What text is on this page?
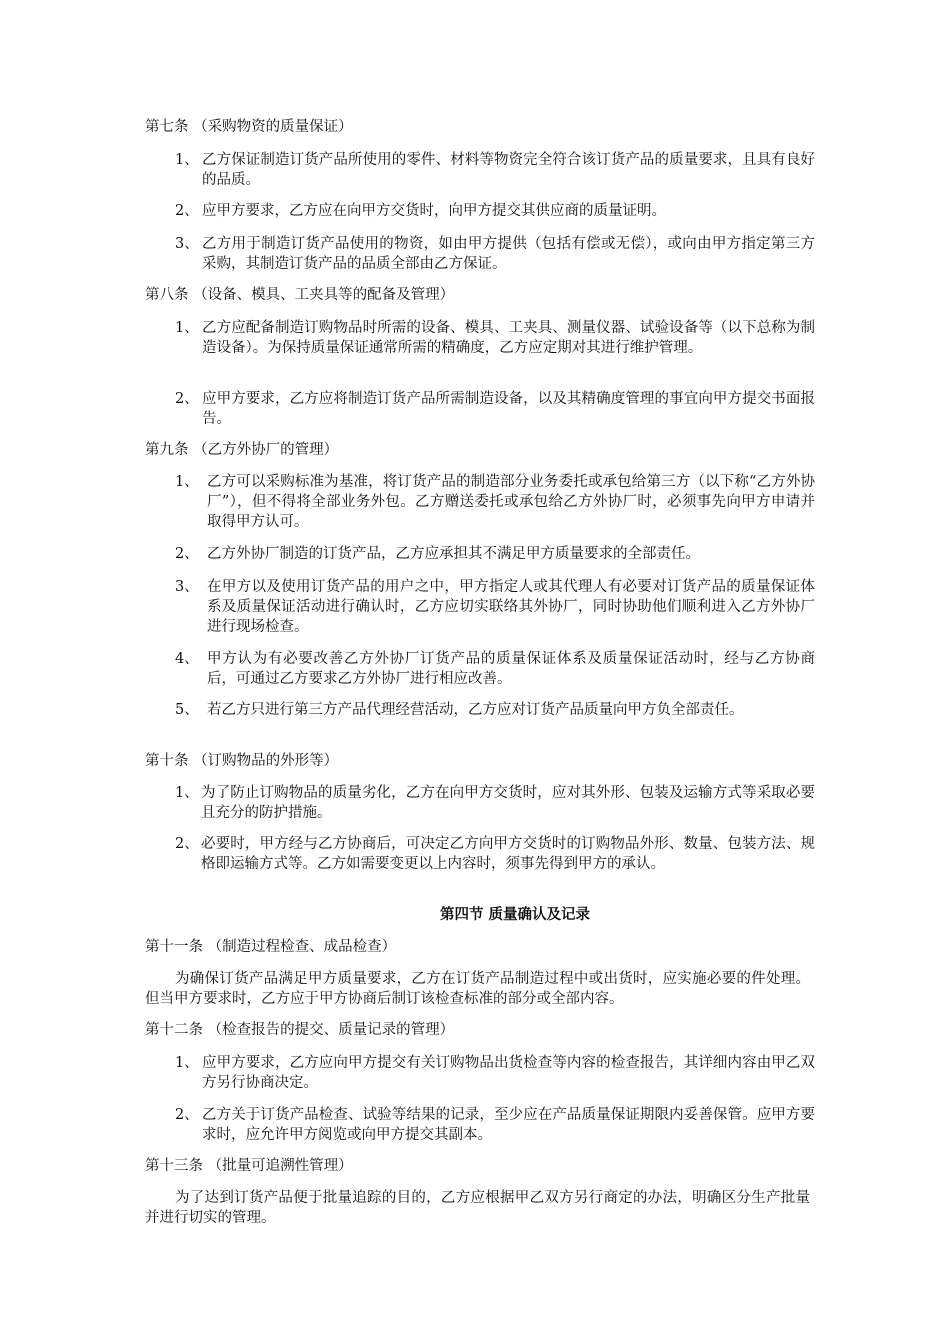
第七条 （采购物资的质量保证）
1、 乙方保证制造订货产品所使用的零件、材料等物资完全符合该订货产品的质量要求，且具有良好的品质。
2、 应甲方要求，乙方应在向甲方交货时，向甲方提交其供应商的质量证明。
3、 乙方用于制造订货产品使用的物资，如由甲方提供（包括有偿或无偿），或向由甲方指定第三方采购，其制造订货产品的品质全部由乙方保证。
第八条 （设备、模具、工夹具等的配备及管理）
1、 乙方应配备制造订购物品时所需的设备、模具、工夹具、测量仪器、试验设备等（以下总称为制造设备）。为保持质量保证通常所需的精确度，乙方应定期对其进行维护管理。
2、 应甲方要求，乙方应将制造订货产品所需制造设备，以及其精确度管理的事宜向甲方提交书面报告。
第九条 （乙方外协厂的管理）
1、 乙方可以采购标准为基准，将订货产品的制造部分业务委托或承包给第三方（以下称“乙方外协厂”），但不得将全部业务外包。乙方赠送委托或承包给乙方外协厂时，必须事先向甲方申请并取得甲方认可。
2、 乙方外协厂制造的订货产品，乙方应承担其不满足甲方质量要求的全部责任。
3、 在甲方以及使用订货产品的用户之中，甲方指定人或其代理人有必要对订货产品的质量保证体系及质量保证活动进行确认时，乙方应切实联络其外协厂，同时协助他们顺利进入乙方外协厂进行现场检查。
4、 甲方认为有必要改善乙方外协厂订货产品的质量保证体系及质量保证活动时，经与乙方协商后，可通过乙方要求乙方外协厂进行相应改善。
5、 若乙方只进行第三方产品代理经营活动，乙方应对订货产品质量向甲方负全部责任。
第十条 （订购物品的外形等）
1、 为了防止订购物品的质量劣化，乙方在向甲方交货时，应对其外形、包装及运输方式等采取必要且充分的防护措施。
2、 必要时，甲方经与乙方协商后，可决定乙方向甲方交货时的订购物品外形、数量、包装方法、规格即运输方式等。乙方如需要变更以上内容时，须事先得到甲方的承认。
第四节 质量确认及记录
第十一条 （制造过程检查、成品检查）
为确保订货产品满足甲方质量要求，乙方在订货产品制造过程中或出货时，应实施必要的件处理。但当甲方要求时，乙方应于甲方协商后制订该检查标准的部分或全部内容。
第十二条 （检查报告的提交、质量记录的管理）
1、 应甲方要求，乙方应向甲方提交有关订购物品出货检查等内容的检查报告，其详细内容由甲乙双方另行协商决定。
2、 乙方关于订货产品检查、试验等结果的记录，至少应在产品质量保证期限内妥善保管。应甲方要求时，应允许甲方阅览或向甲方提交其副本。
第十三条 （批量可追溯性管理）
为了达到订货产品便于批量追踪的目的，乙方应根据甲乙双方另行商定的办法，明确区分生产批量并进行切实的管理。
